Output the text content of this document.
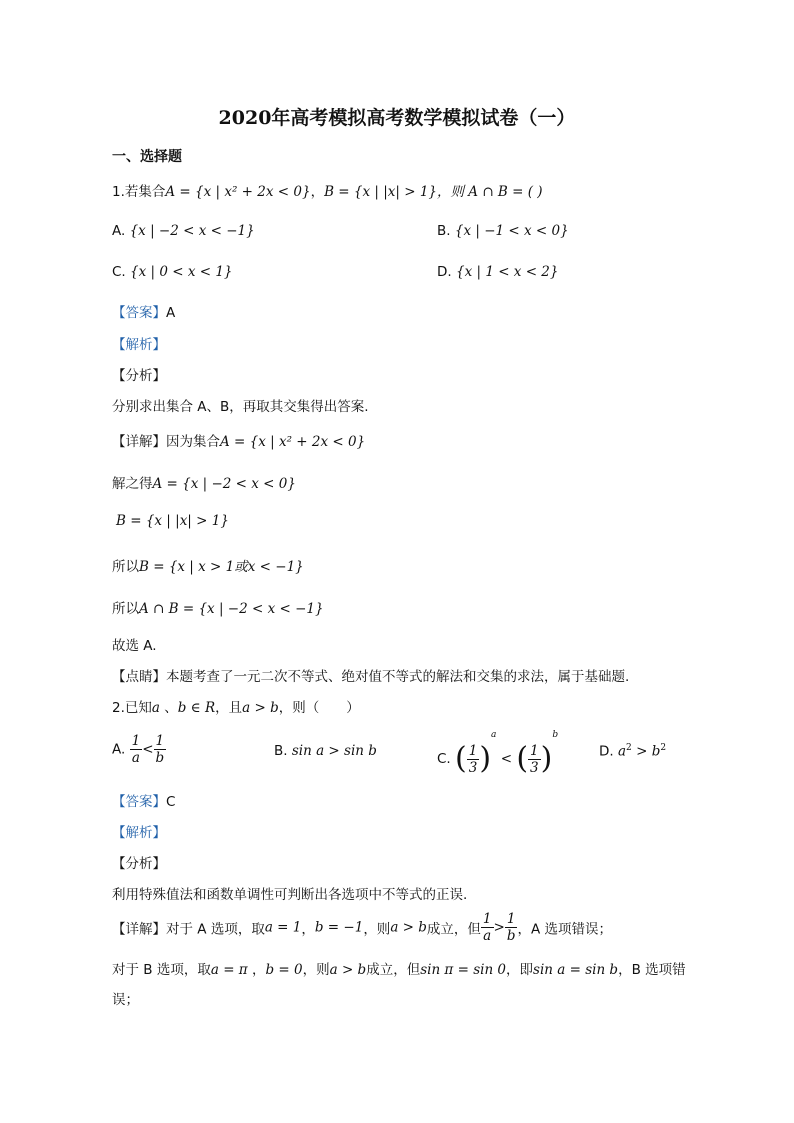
2020年高考模拟高考数学模拟试卷（一）
一、选择题
1.若集合A = {x | x² + 2x < 0}，B = {x | |x| > 1}，则 A ∩ B = ( )
A. {x | −2 < x < −1}	B. {x | −1 < x < 0}
C. {x | 0 < x < 1}	D. {x | 1 < x < 2}
【答案】A
【解析】
【分析】
分别求出集合 A、B，再取其交集得出答案.
【详解】因为集合A = {x | x² + 2x < 0}
解之得A = {x | −2 < x < 0}
B = {x | |x| > 1}
所以B = {x | x > 1或x < −1}
所以A ∩ B = {x | −2 < x < −1}
故选 A.
【点睛】本题考查了一元二次不等式、绝对值不等式的解法和交集的求法，属于基础题.
2.已知a 、b ∈ R，且a > b，则（　　）
A. $\frac{1}{a} < \frac{1}{b}$	B. sin a > sin b	C. ( $\frac{1}{3} )^a$ < ( $\frac{1}{3} )^b$
D. $a^2 > b^2$
【答案】C
【解析】
【分析】
利用特殊值法和函数单调性可判断出各选项中不等式的正误.
【详解】对于 A 选项，取a = 1，b = −1，则a > b成立，但 $\frac{1}{a} > \frac{1}{b}$ ，A 选项错误；
对于 B 选项，取a = π ，b = 0，则a > b成立，但sin π = sin 0，即sin a = sin b，B 选项错
误；
